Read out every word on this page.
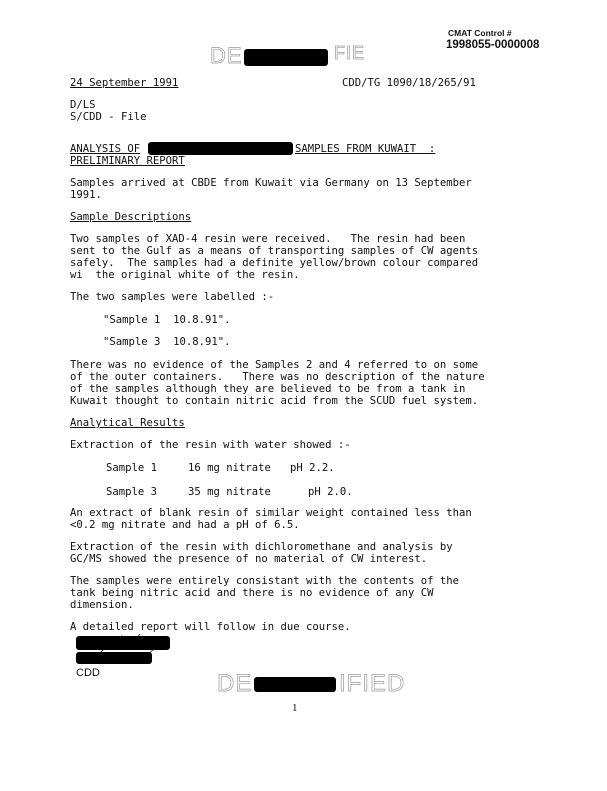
CMAT Control #
1998055-0000008
DE	FIE
24 September 1991	CDD/TG 1090/18/265/91
D/LS
S/CDD - File
ANALYSIS OF	SAMPLES FROM KUWAIT  :
PRELIMINARY REPORT
Samples arrived at CBDE from Kuwait via Germany on 13 September
1991.
Sample Descriptions
Two samples of XAD-4 resin were received.   The resin had been
sent to the Gulf as a means of transporting samples of CW agents
safely.  The samples had a definite yellow/brown colour compared
wi  the original white of the resin.
The two samples were labelled :-
"Sample 1  10.8.91".
"Sample 3  10.8.91".
There was no evidence of the Samples 2 and 4 referred to on some
of the outer containers.   There was no description of the nature
of the samples although they are believed to be from a tank in
Kuwait thought to contain nitric acid from the SCUD fuel system.
Analytical Results
Extraction of the resin with water showed :-
Sample 1	16 mg nitrate pH 2.2.
Sample 3	35 mg nitrate	pH 2.0.
An extract of blank resin of similar weight contained less than
<0.2 mg nitrate and had a pH of 6.5.
Extraction of the resin with dichloromethane and analysis by
GC/MS showed the presence of no material of CW interest.
The samples were entirely consistant with the contents of the
tank being nitric acid and there is no evidence of any CW
dimension.
A detailed report will follow in due course.
CDD	DE	IFIED
1
